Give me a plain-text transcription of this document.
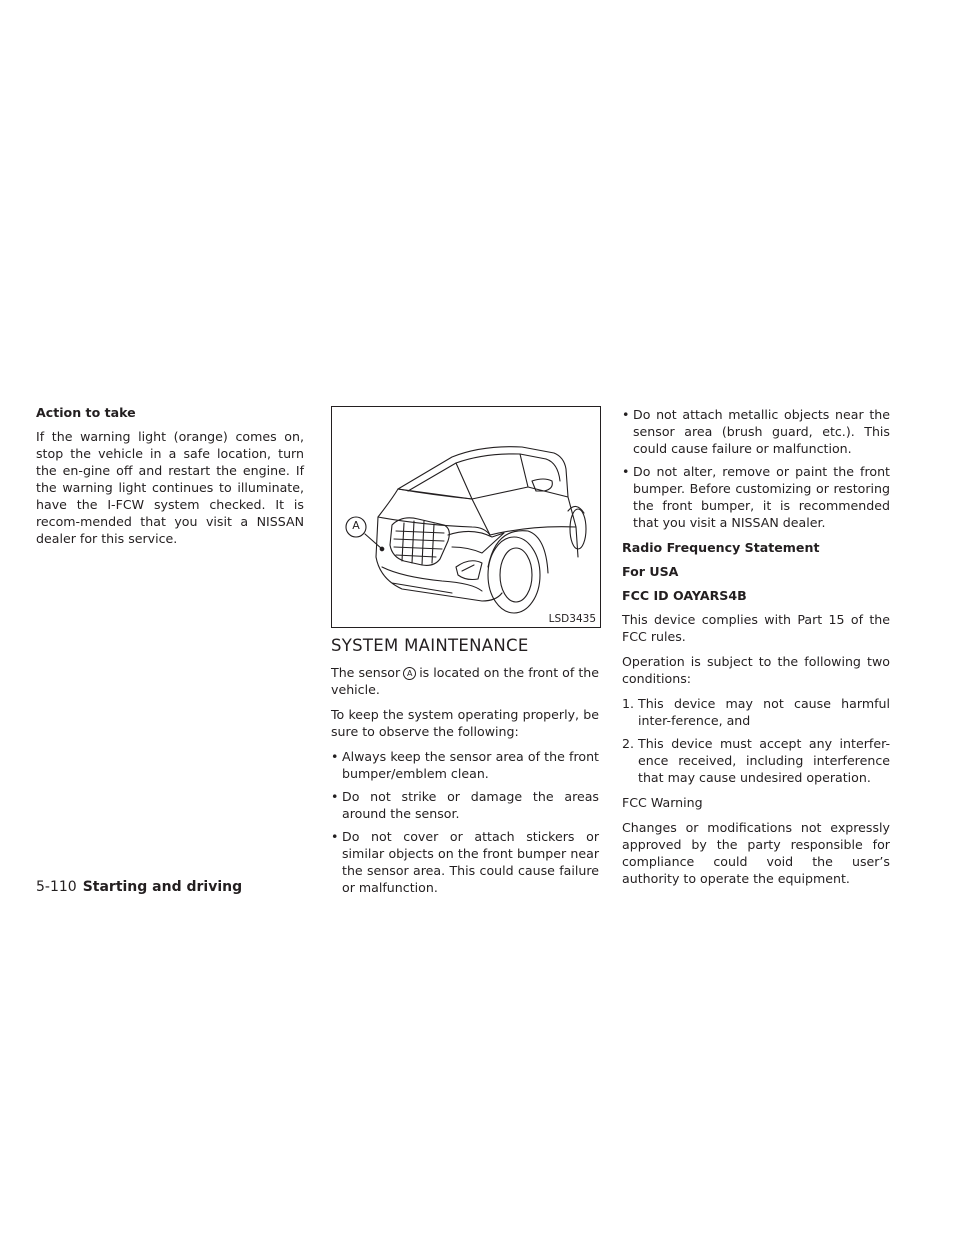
Action to take

If the warning light (orange) comes on, stop the vehicle in a safe location, turn the en-gine off and restart the engine. If the warning light continues to illuminate, have the I-FCW system checked. It is recom-mended that you visit a NISSAN dealer for this service.

A
LSD3435
SYSTEM MAINTENANCE

The sensor A is located on the front of the vehicle.

To keep the system operating properly, be sure to observe the following:

• Always keep the sensor area of the front bumper/emblem clean.
• Do not strike or damage the areas around the sensor.
• Do not cover or attach stickers or similar objects on the front bumper near the sensor area. This could cause failure or malfunction.
• Do not attach metallic objects near the sensor area (brush guard, etc.). This could cause failure or malfunction.
• Do not alter, remove or paint the front bumper. Before customizing or restoring the front bumper, it is recommended that you visit a NISSAN dealer.
Radio Frequency Statement
For USA
FCC ID OAYARS4B

This device complies with Part 15 of the FCC rules.

Operation is subject to the following two conditions:

1. This device may not cause harmful inter-ference, and
2. This device must accept any interfer-ence received, including interference that may cause undesired operation.

FCC Warning

Changes or modifications not expressly approved by the party responsible for compliance could void the user’s authority to operate the equipment.

5-110 Starting and driving
